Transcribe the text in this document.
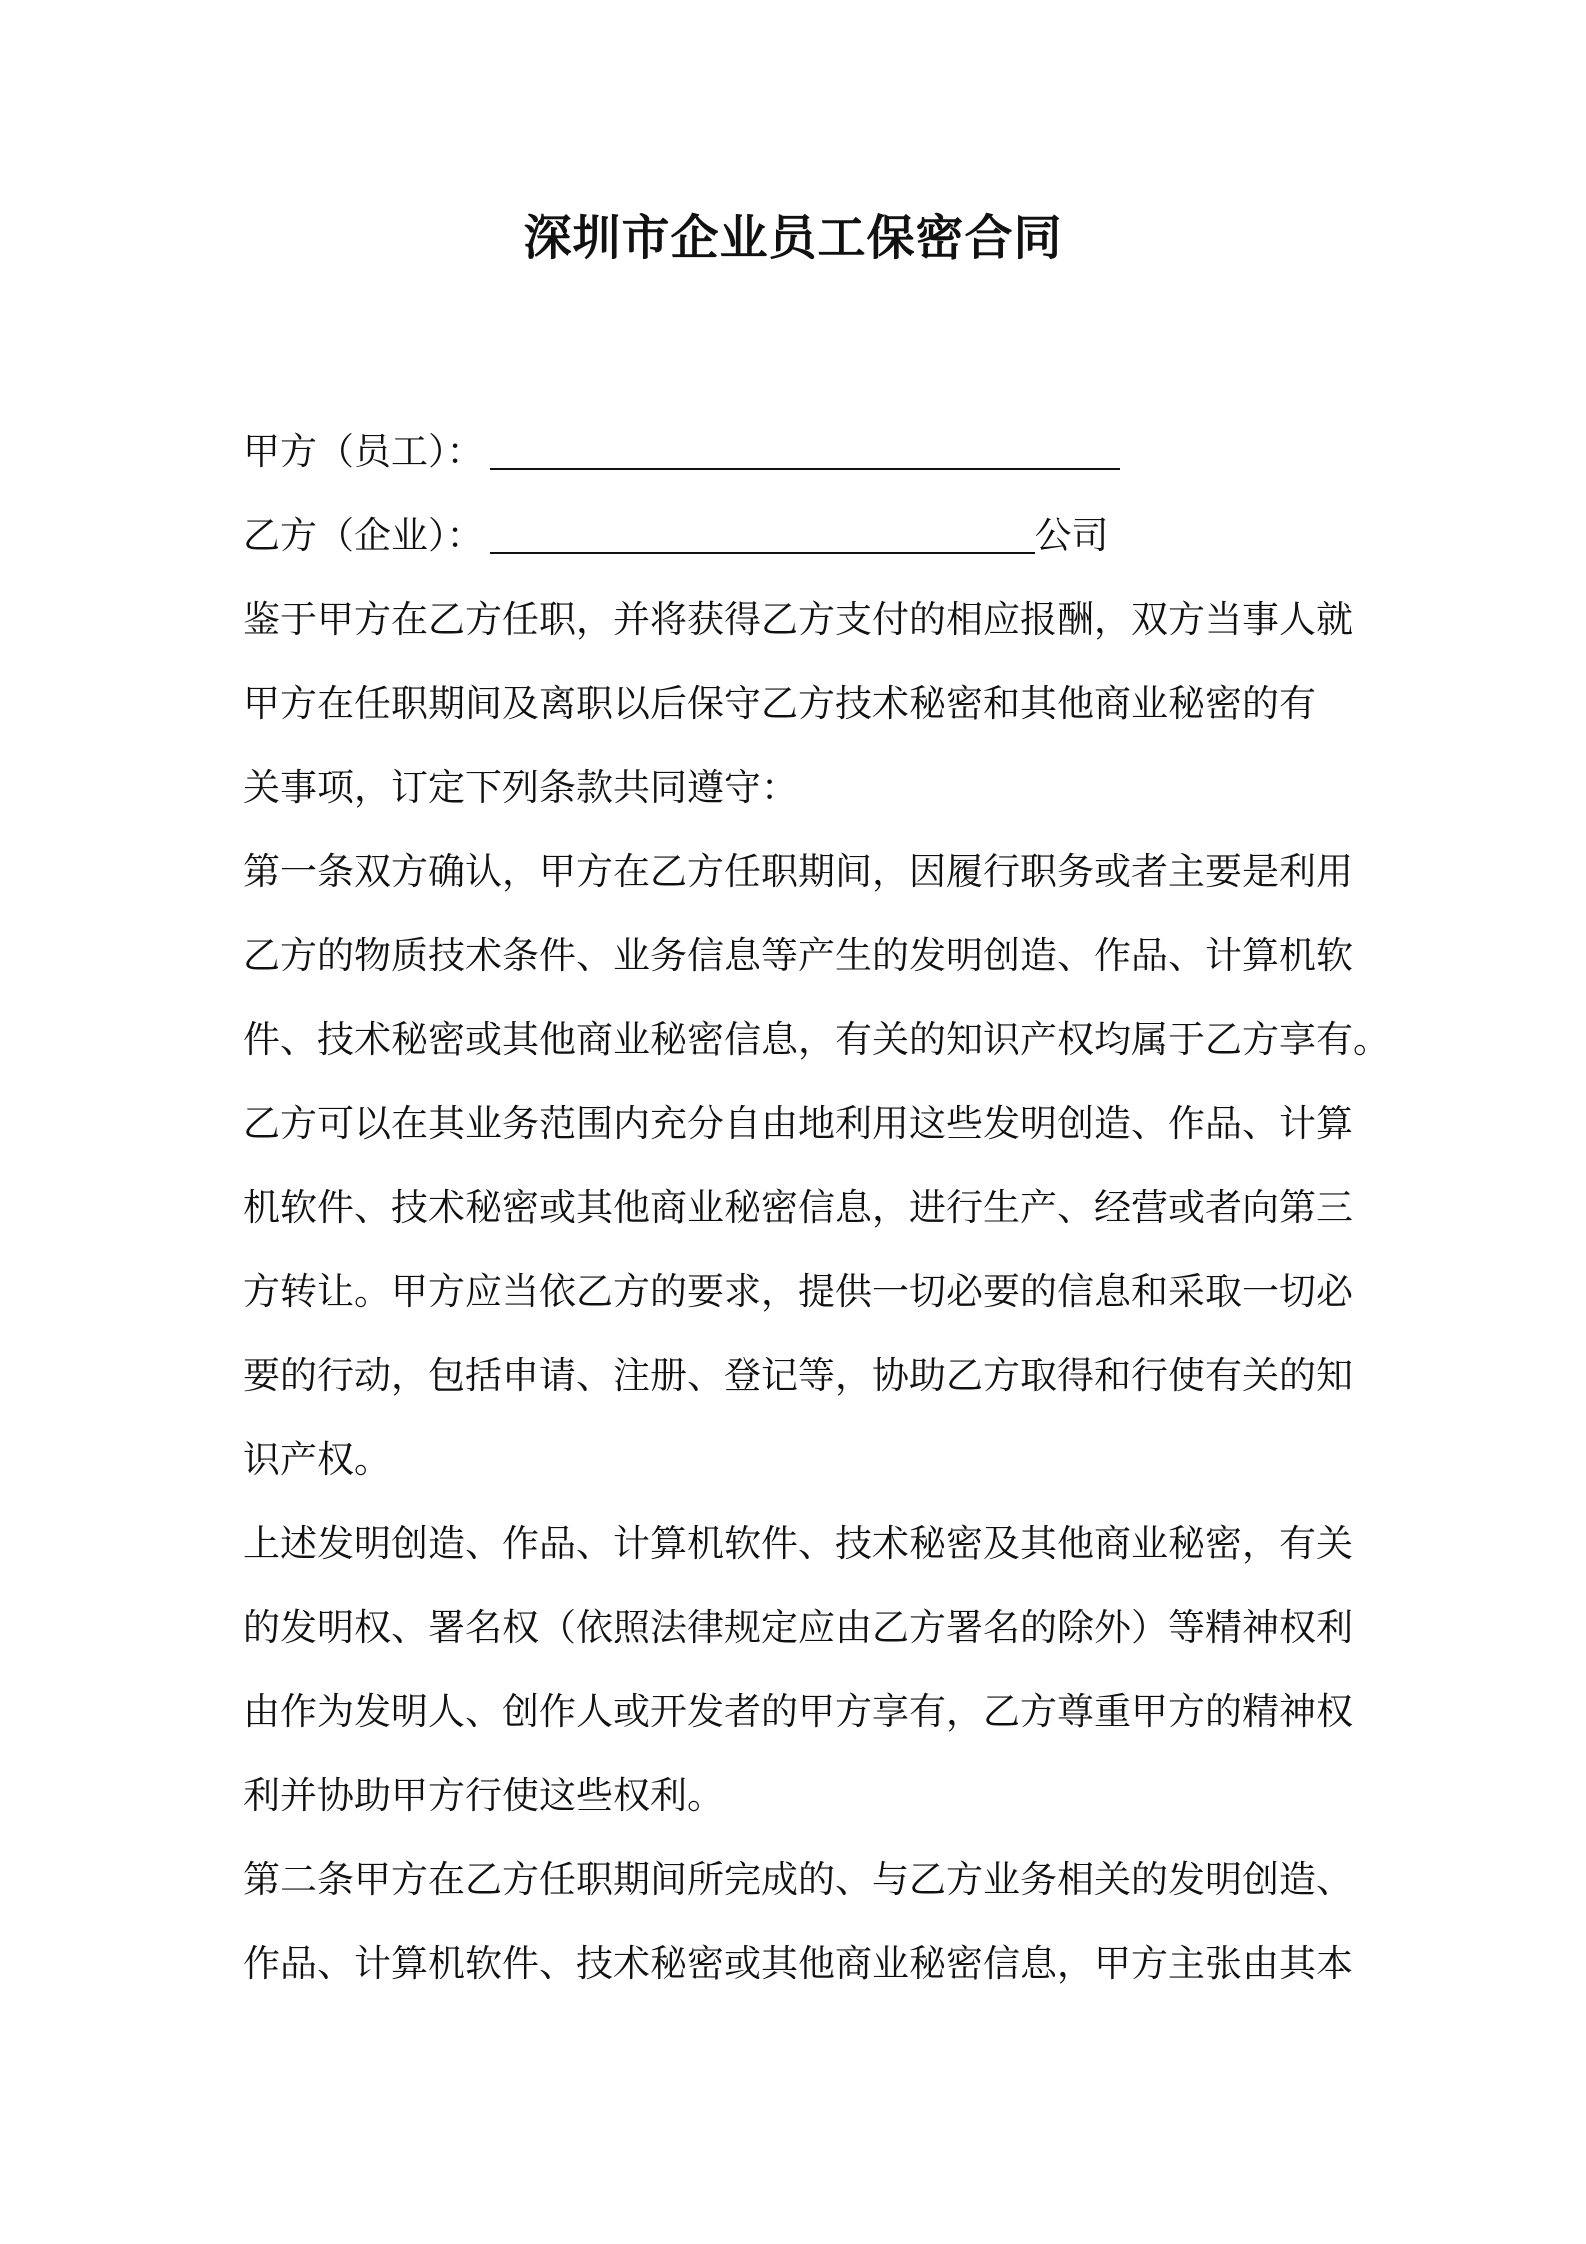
深圳市企业员工保密合同
甲方（员工）：
乙方（企业）：	公司
鉴于甲方在乙方任职，并将获得乙方支付的相应报酬，双方当事人就
甲方在任职期间及离职以后保守乙方技术秘密和其他商业秘密的有
关事项，订定下列条款共同遵守：
第一条双方确认，甲方在乙方任职期间，因履行职务或者主要是利用
乙方的物质技术条件、业务信息等产生的发明创造、作品、计算机软
件、技术秘密或其他商业秘密信息，有关的知识产权均属于乙方享有。
乙方可以在其业务范围内充分自由地利用这些发明创造、作品、计算
机软件、技术秘密或其他商业秘密信息，进行生产、经营或者向第三
方转让。甲方应当依乙方的要求，提供一切必要的信息和采取一切必
要的行动，包括申请、注册、登记等，协助乙方取得和行使有关的知
识产权。
上述发明创造、作品、计算机软件、技术秘密及其他商业秘密，有关
的发明权、署名权（依照法律规定应由乙方署名的除外）等精神权利
由作为发明人、创作人或开发者的甲方享有，乙方尊重甲方的精神权
利并协助甲方行使这些权利。
第二条甲方在乙方任职期间所完成的、与乙方业务相关的发明创造、
作品、计算机软件、技术秘密或其他商业秘密信息，甲方主张由其本
